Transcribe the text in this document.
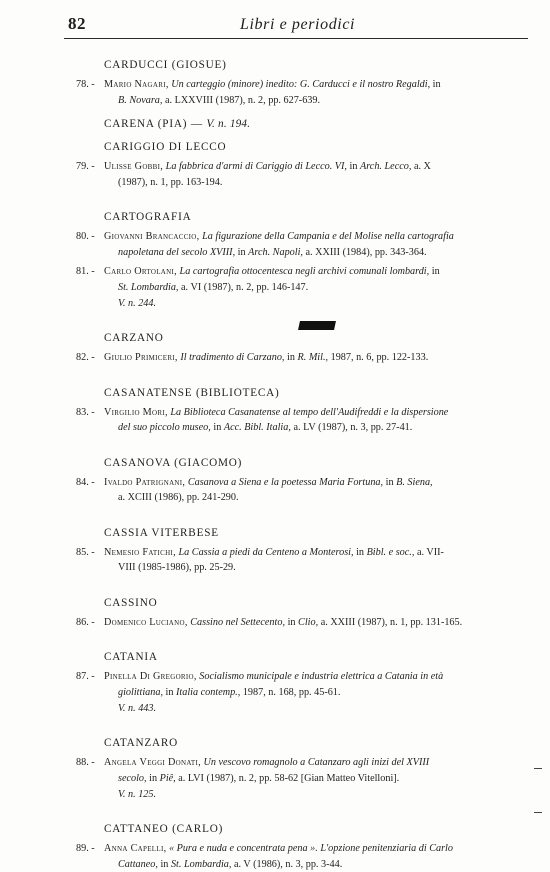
82	Libri e periodici
CARDUCCI (GIOSUE)
78. - Mario Nagari, Un carteggio (minore) inedito: G. Carducci e il nostro Regaldi, in
B. Novara, a. LXXVIII (1987), n. 2, pp. 627-639.
CARENA (PIA) — V. n. 194.
CARIGGIO DI LECCO
79. - Ulisse Gobbi, La fabbrica d'armi di Cariggio di Lecco. VI, in Arch. Lecco, a. X
(1987), n. 1, pp. 163-194.
CARTOGRAFIA
80. - Giovanni Brancaccio, La figurazione della Campania e del Molise nella cartografia
napoletana del secolo XVIII, in Arch. Napoli, a. XXIII (1984), pp. 343-364.
81. - Carlo Ortolani, La cartografia ottocentesca negli archivi comunali lombardi, in
St. Lombardia, a. VI (1987), n. 2, pp. 146-147.
V. n. 244.
CARZANO
82. - Giulio Primiceri, Il tradimento di Carzano, in R. Mil., 1987, n. 6, pp. 122-133.
CASANATENSE (BIBLIOTECA)
83. - Virgilio Mori, La Biblioteca Casanatense al tempo dell'Audifreddi e la dispersione
del suo piccolo museo, in Acc. Bibl. Italia, a. LV (1987), n. 3, pp. 27-41.
CASANOVA (GIACOMO)
84. - Ivaldo Patrignani, Casanova a Siena e la poetessa Maria Fortuna, in B. Siena,
a. XCIII (1986), pp. 241-290.
CASSIA VITERBESE
85. - Nemesio Fatichi, La Cassia a piedi da Centeno a Monterosi, in Bibl. e soc., a. VII-
VIII (1985-1986), pp. 25-29.
CASSINO
86. - Domenico Luciano, Cassino nel Settecento, in Clio, a. XXIII (1987), n. 1, pp. 131-165.
CATANIA
87. - Pinella Di Gregorio, Socialismo municipale e industria elettrica a Catania in età
giolittiana, in Italia contemp., 1987, n. 168, pp. 45-61.
V. n. 443.
CATANZARO
88. - Angela Veggi Donati, Un vescovo romagnolo a Catanzaro agli inizi del XVIII
secolo, in Piê, a. LVI (1987), n. 2, pp. 58-62 [Gian Matteo Vitelloni].
V. n. 125.
CATTANEO (CARLO)
89. - Anna Capelli, « Pura e nuda e concentrata pena ». L'opzione penitenziaria di Carlo
Cattaneo, in St. Lombardia, a. V (1986), n. 3, pp. 3-44.
